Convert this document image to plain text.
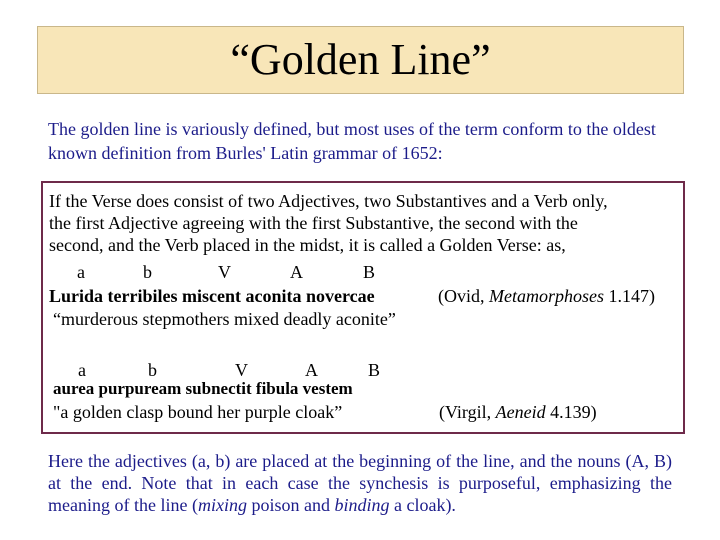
“Golden Line”
The golden line is variously defined, but most uses of the term conform to the oldest known definition from Burles' Latin grammar of 1652:
If the Verse does consist of two Adjectives, two Substantives and a Verb only,
the first Adjective agreeing with the first Substantive, the second with the
second, and the Verb placed in the midst, it is called a Golden Verse: as,
a	b	V	A	B
Lurida terribiles miscent aconita novercae	(Ovid, Metamorphoses 1.147)
“murderous stepmothers mixed deadly aconite”
a	b	V	A	B
aurea purpuream subnectit fibula vestem
"a golden clasp bound her purple cloak”	(Virgil, Aeneid 4.139)
Here the adjectives (a, b) are placed at the beginning of the line, and the nouns (A, B) at the end. Note that in each case the synchesis is purposeful, emphasizing the meaning of the line (mixing poison and binding a cloak).
